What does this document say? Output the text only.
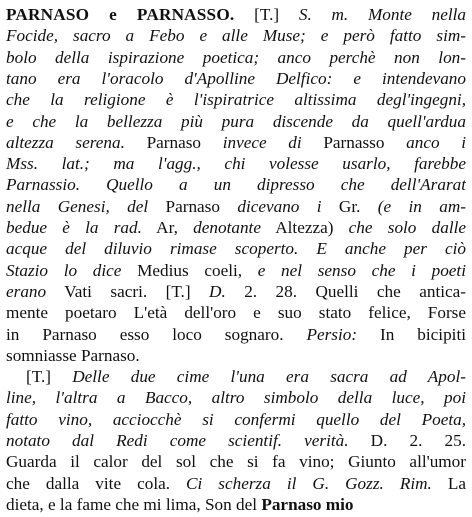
PARNASO e PARNASSO. [T.] S. m. Monte nella
Focide, sacro a Febo e alle Muse; e però fatto sim-
bolo della ispirazione poetica; anco perchè non lon-
tano era l'oracolo d'Apolline Delfico: e intendevano
che la religione è l'ispiratrice altissima degl'ingegni,
e che la bellezza più pura discende da quell'ardua
altezza serena. Parnaso invece di Parnasso anco i
Mss. lat.; ma l'agg., chi volesse usarlo, farebbe
Parnassio. Quello a un dipresso che dell'Ararat
nella Genesi, del Parnaso dicevano i Gr. (e in am-
bedue è la rad. Ar, denotante Altezza) che solo dalle
acque del diluvio rimase scoperto. E anche per ciò
Stazio lo dice Medius coeli, e nel senso che i poeti
erano Vati sacri. [T.] D. 2. 28. Quelli che antica-
mente poetaro L'età dell'oro e suo stato felice, Forse
in Parnaso esso loco sognaro. Persio: In bicipiti
somniasse Parnaso.
[T.] Delle due cime l'una era sacra ad Apol-
line, l'altra a Bacco, altro simbolo della luce, poi
fatto vino, acciocchè si confermi quello del Poeta,
notato dal Redi come scientif. verità. D. 2. 25.
Guarda il calor del sol che si fa vino; Giunto all'umor
che dalla vite cola. Ci scherza il G. Gozz. Rim. La
dieta, e la fame che mi lima, Son del Parnaso mio
